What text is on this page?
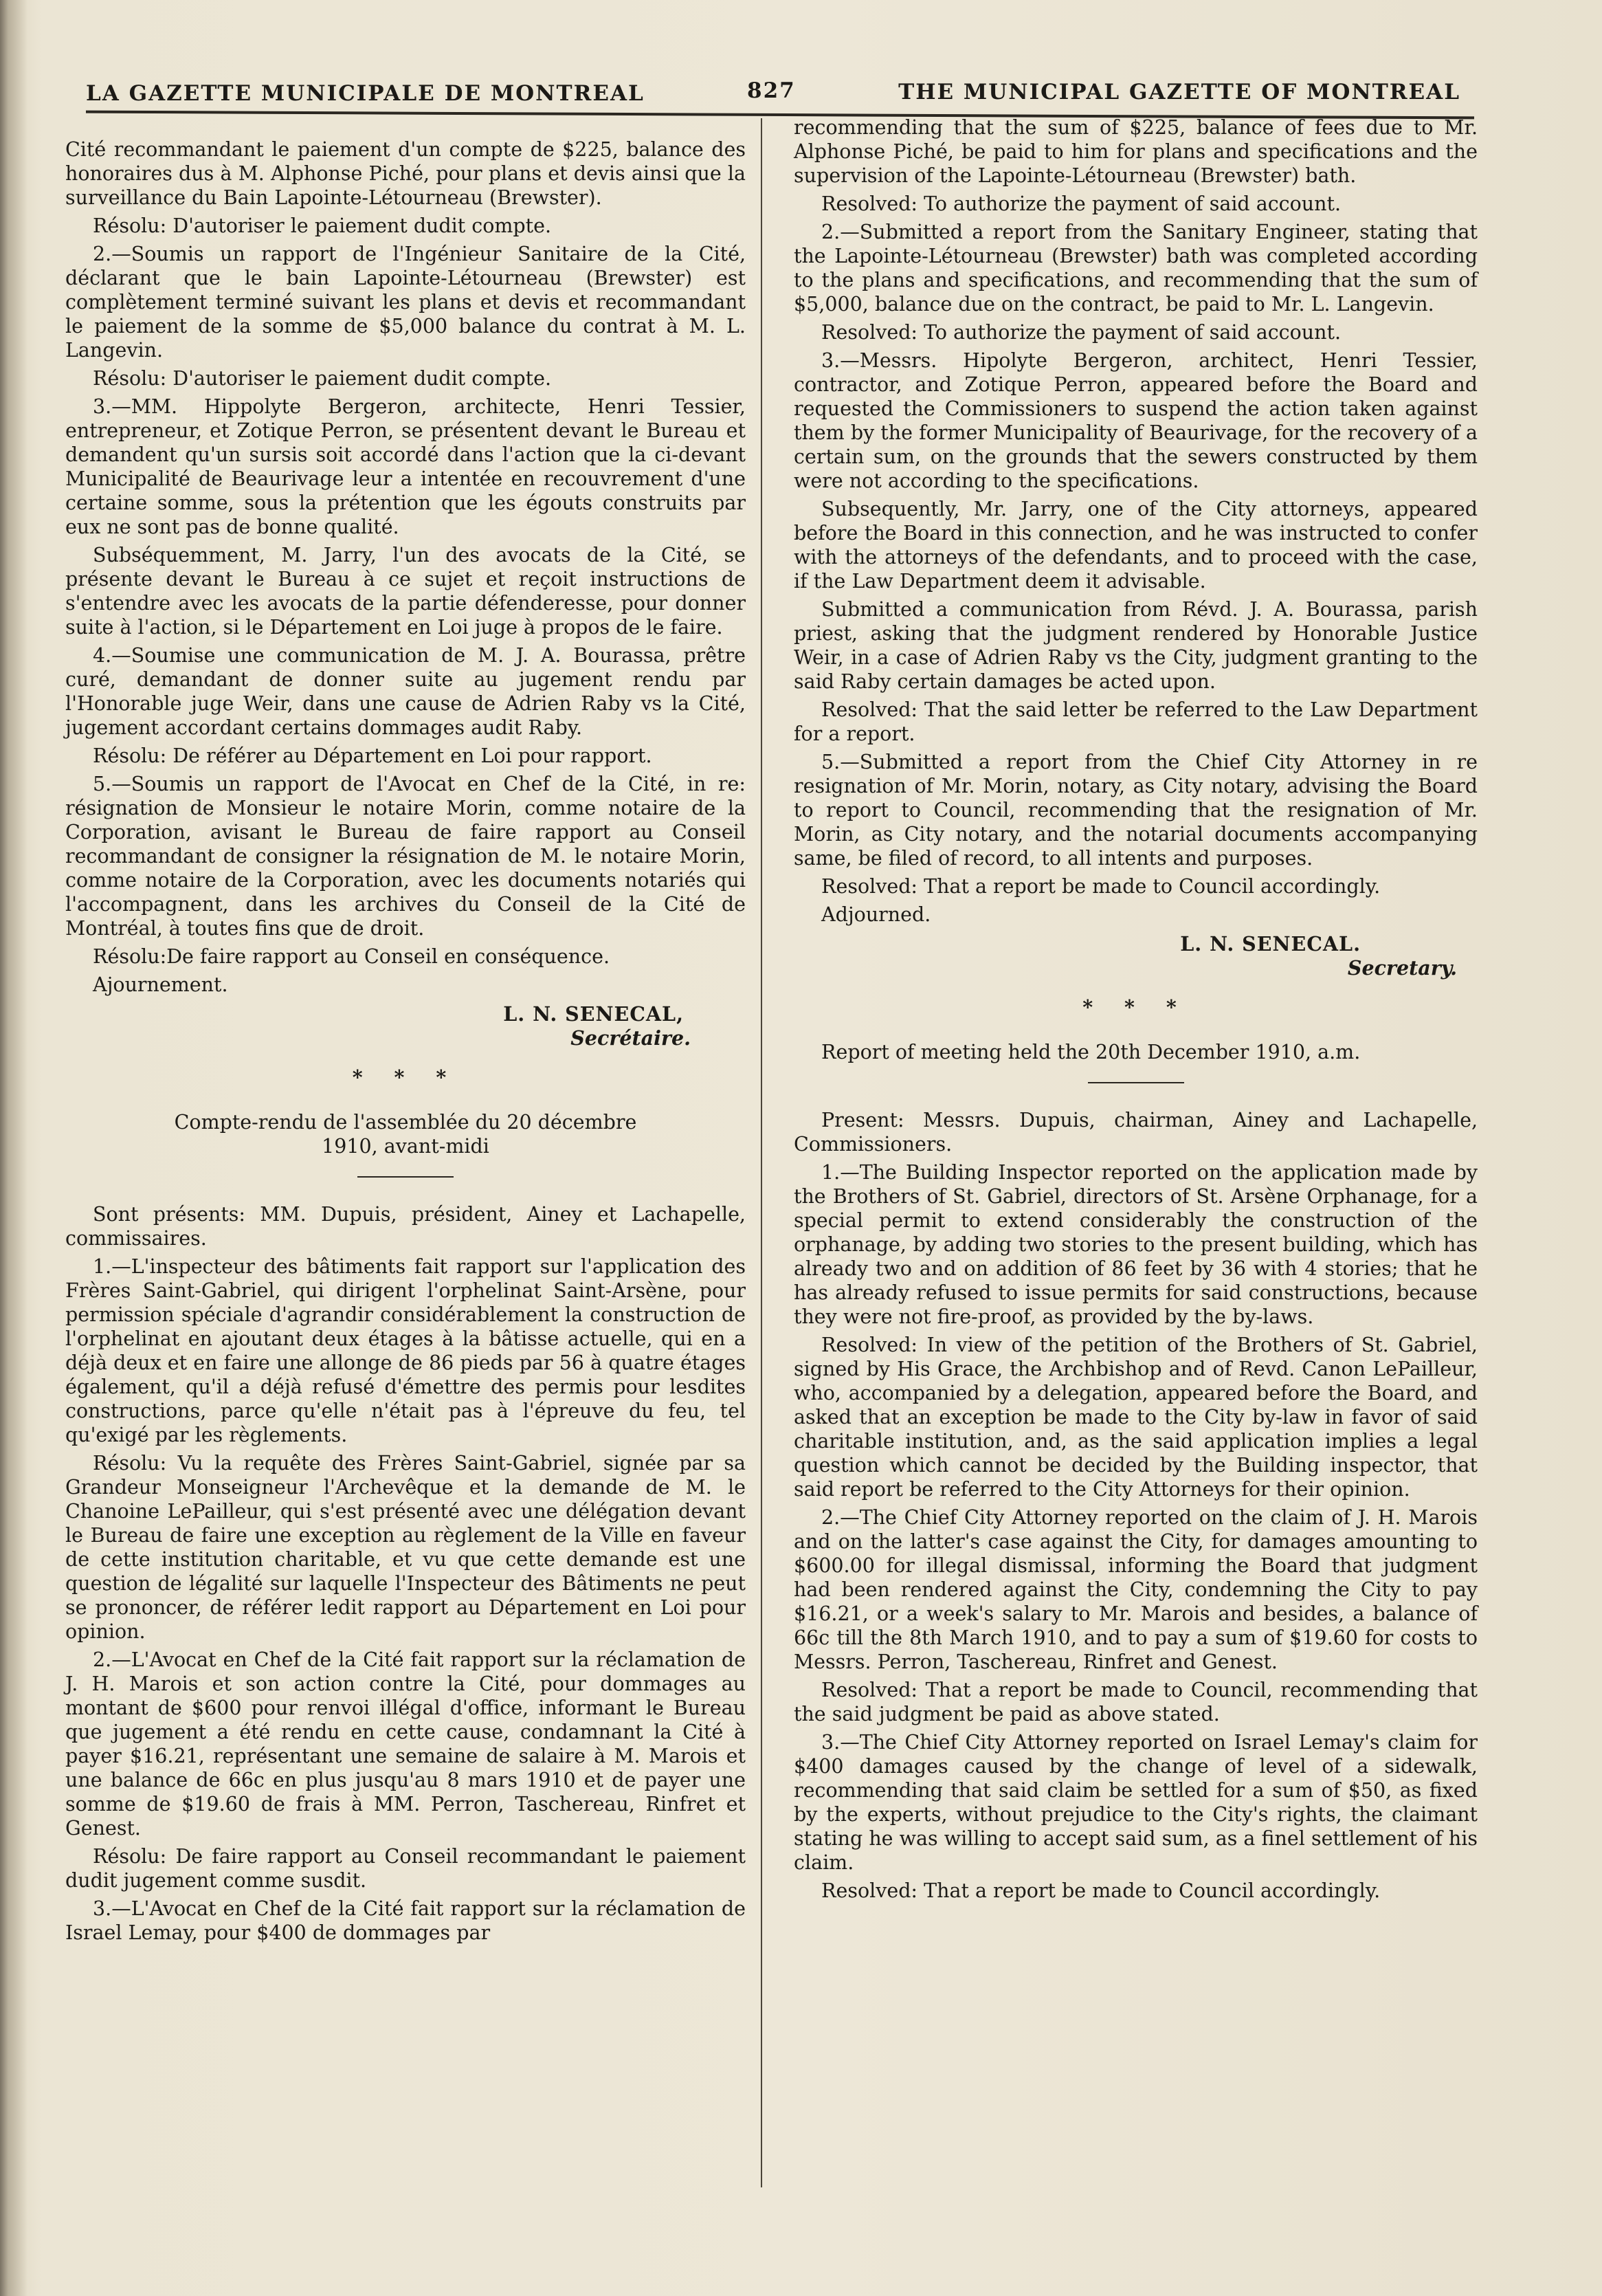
LA GAZETTE MUNICIPALE DE MONTREAL	827	THE MUNICIPAL GAZETTE OF MONTREAL

Cité recommandant le paiement d'un compte de $225, balance des honoraires dus à M. Alphonse Piché, pour plans et devis ainsi que la surveillance du Bain Lapointe-Létourneau (Brewster).

Résolu: D'autoriser le paiement dudit compte.

2.—Soumis un rapport de l'Ingénieur Sanitaire de la Cité, déclarant que le bain Lapointe-Létourneau (Brewster) est complètement terminé suivant les plans et devis et recommandant le paiement de la somme de $5,000 balance du contrat à M. L. Langevin.

Résolu: D'autoriser le paiement dudit compte.

3.—MM. Hippolyte Bergeron, architecte, Henri Tessier, entrepreneur, et Zotique Perron, se présentent devant le Bureau et demandent qu'un sursis soit accordé dans l'action que la ci-devant Municipalité de Beaurivage leur a intentée en recouvrement d'une certaine somme, sous la prétention que les égouts construits par eux ne sont pas de bonne qualité.

Subséquemment, M. Jarry, l'un des avocats de la Cité, se présente devant le Bureau à ce sujet et reçoit instructions de s'entendre avec les avocats de la partie défenderesse, pour donner suite à l'action, si le Département en Loi juge à propos de le faire.

4.—Soumise une communication de M. J. A. Bourassa, prêtre curé, demandant de donner suite au jugement rendu par l'Honorable juge Weir, dans une cause de Adrien Raby vs la Cité, jugement accordant certains dommages audit Raby.

Résolu: De référer au Département en Loi pour rapport.

5.—Soumis un rapport de l'Avocat en Chef de la Cité, in re: résignation de Monsieur le notaire Morin, comme notaire de la Corporation, avisant le Bureau de faire rapport au Conseil recommandant de consigner la résignation de M. le notaire Morin, comme notaire de la Corporation, avec les documents notariés qui l'accompagnent, dans les archives du Conseil de la Cité de Montréal, à toutes fins que de droit.

Résolu:De faire rapport au Conseil en conséquence.

Ajournement.

L. N. SENECAL,
Secrétaire.
* * *

Compte-rendu de l'assemblée du 20 décembre 1910, avant-midi

Sont présents: MM. Dupuis, président, Ainey et Lachapelle, commissaires.

1.—L'inspecteur des bâtiments fait rapport sur l'application des Frères Saint-Gabriel, qui dirigent l'orphelinat Saint-Arsène, pour permission spéciale d'agrandir considérablement la construction de l'orphelinat en ajoutant deux étages à la bâtisse actuelle, qui en a déjà deux et en faire une allonge de 86 pieds par 56 à quatre étages également, qu'il a déjà refusé d'émettre des permis pour lesdites constructions, parce qu'elle n'était pas à l'épreuve du feu, tel qu'exigé par les règlements.

Résolu: Vu la requête des Frères Saint-Gabriel, signée par sa Grandeur Monseigneur l'Archevêque et la demande de M. le Chanoine LePailleur, qui s'est présenté avec une délégation devant le Bureau de faire une exception au règlement de la Ville en faveur de cette institution charitable, et vu que cette demande est une question de légalité sur laquelle l'Inspecteur des Bâtiments ne peut se prononcer, de référer ledit rapport au Département en Loi pour opinion.

2.—L'Avocat en Chef de la Cité fait rapport sur la réclamation de J. H. Marois et son action contre la Cité, pour dommages au montant de $600 pour renvoi illégal d'office, informant le Bureau que jugement a été rendu en cette cause, condamnant la Cité à payer $16.21, représentant une semaine de salaire à M. Marois et une balance de 66c en plus jusqu'au 8 mars 1910 et de payer une somme de $19.60 de frais à MM. Perron, Taschereau, Rinfret et Genest.

Résolu: De faire rapport au Conseil recommandant le paiement dudit jugement comme susdit.

3.—L'Avocat en Chef de la Cité fait rapport sur la réclamation de Israel Lemay, pour $400 de dommages par

recommending that the sum of $225, balance of fees due to Mr. Alphonse Piché, be paid to him for plans and specifications and the supervision of the Lapointe-Létourneau (Brewster) bath.

Resolved: To authorize the payment of said account.

2.—Submitted a report from the Sanitary Engineer, stating that the Lapointe-Létourneau (Brewster) bath was completed according to the plans and specifications, and recommending that the sum of $5,000, balance due on the contract, be paid to Mr. L. Langevin.

Resolved: To authorize the payment of said account.

3.—Messrs. Hipolyte Bergeron, architect, Henri Tessier, contractor, and Zotique Perron, appeared before the Board and requested the Commissioners to suspend the action taken against them by the former Municipality of Beaurivage, for the recovery of a certain sum, on the grounds that the sewers constructed by them were not according to the specifications.

Subsequently, Mr. Jarry, one of the City attorneys, appeared before the Board in this connection, and he was instructed to confer with the attorneys of the defendants, and to proceed with the case, if the Law Department deem it advisable.

Submitted a communication from Révd. J. A. Bourassa, parish priest, asking that the judgment rendered by Honorable Justice Weir, in a case of Adrien Raby vs the City, judgment granting to the said Raby certain damages be acted upon.

Resolved: That the said letter be referred to the Law Department for a report.

5.—Submitted a report from the Chief City Attorney in re resignation of Mr. Morin, notary, as City notary, advising the Board to report to Council, recommending that the resignation of Mr. Morin, as City notary, and the notarial documents accompanying same, be filed of record, to all intents and purposes.

Resolved: That a report be made to Council accordingly.

Adjourned.

L. N. SENECAL.
Secretary.
* * *

Report of meeting held the 20th December 1910, a.m.

Present: Messrs. Dupuis, chairman, Ainey and Lachapelle, Commissioners.

1.—The Building Inspector reported on the application made by the Brothers of St. Gabriel, directors of St. Arsène Orphanage, for a special permit to extend considerably the construction of the orphanage, by adding two stories to the present building, which has already two and on addition of 86 feet by 36 with 4 stories; that he has already refused to issue permits for said constructions, because they were not fire-proof, as provided by the by-laws.

Resolved: In view of the petition of the Brothers of St. Gabriel, signed by His Grace, the Archbishop and of Revd. Canon LePailleur, who, accompanied by a delegation, appeared before the Board, and asked that an exception be made to the City by-law in favor of said charitable institution, and, as the said application implies a legal question which cannot be decided by the Building inspector, that said report be referred to the City Attorneys for their opinion.

2.—The Chief City Attorney reported on the claim of J. H. Marois and on the latter's case against the City, for damages amounting to $600.00 for illegal dismissal, informing the Board that judgment had been rendered against the City, condemning the City to pay $16.21, or a week's salary to Mr. Marois and besides, a balance of 66c till the 8th March 1910, and to pay a sum of $19.60 for costs to Messrs. Perron, Taschereau, Rinfret and Genest.

Resolved: That a report be made to Council, recommending that the said judgment be paid as above stated.

3.—The Chief City Attorney reported on Israel Lemay's claim for $400 damages caused by the change of level of a sidewalk, recommending that said claim be settled for a sum of $50, as fixed by the experts, without prejudice to the City's rights, the claimant stating he was willing to accept said sum, as a finel settlement of his claim.

Resolved: That a report be made to Council accordingly.
